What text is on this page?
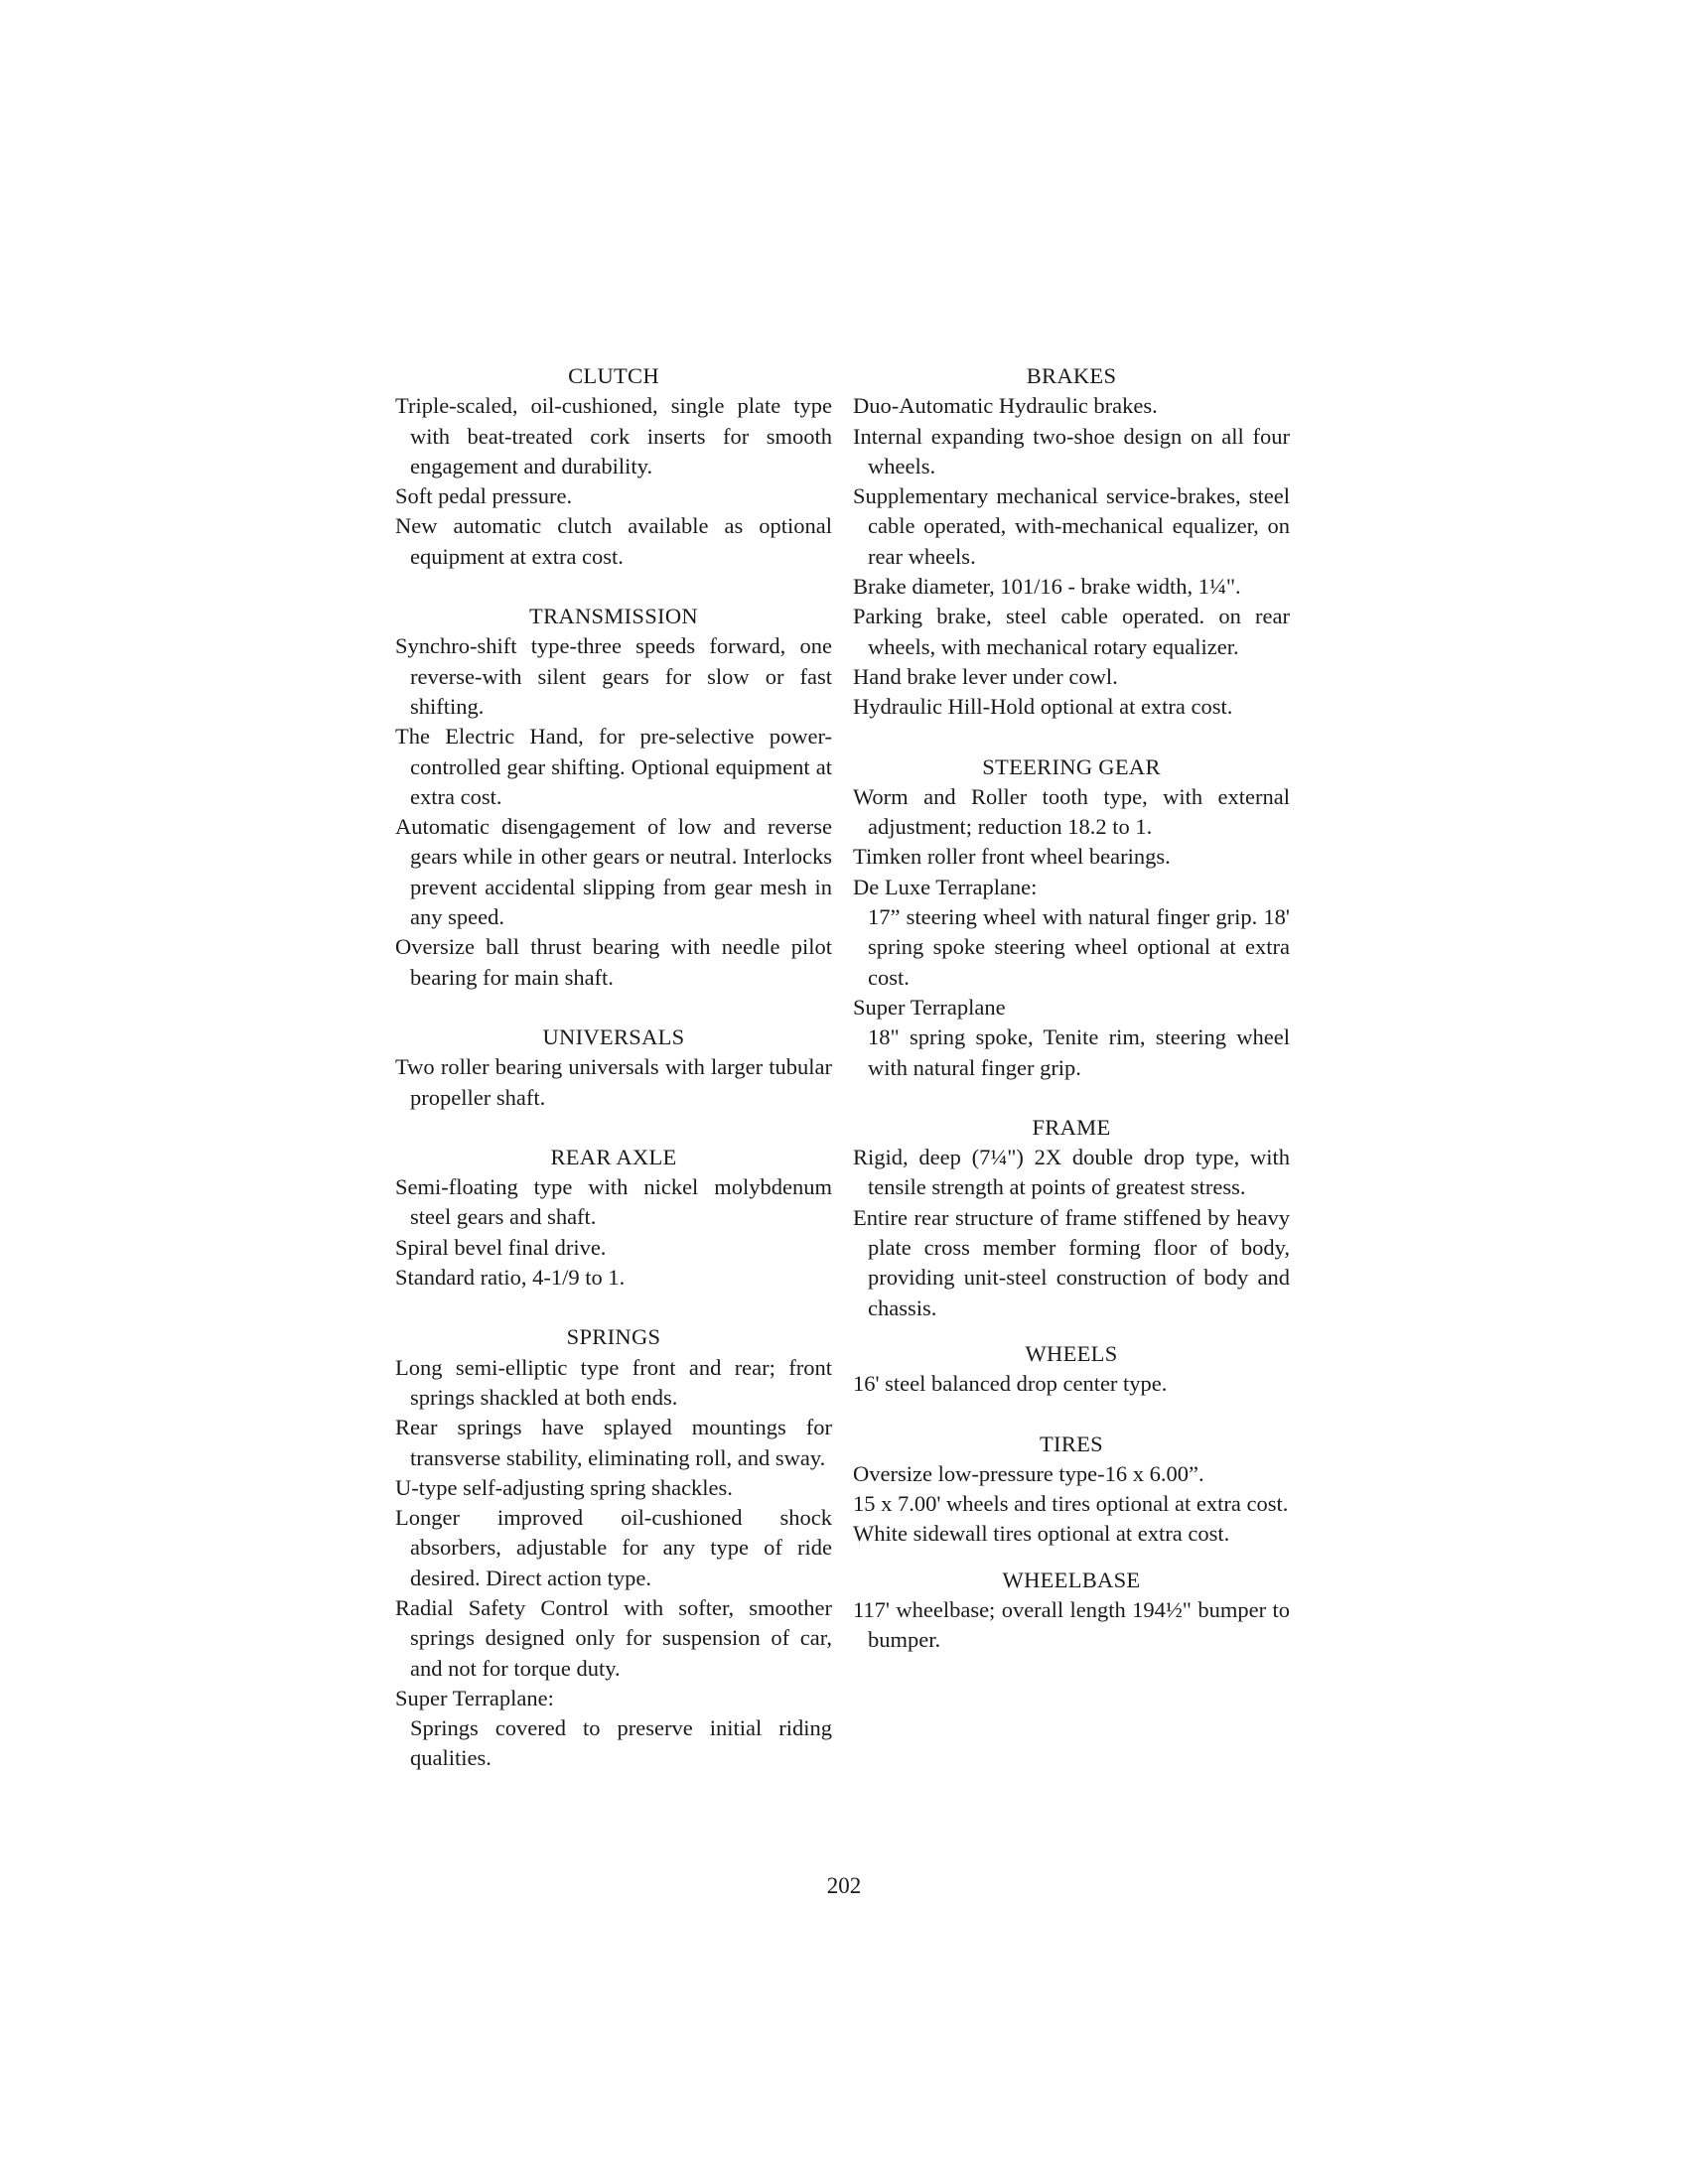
CLUTCH

Triple-scaled, oil-cushioned, single plate type with beat-treated cork inserts for smooth engagement and durability.

Soft pedal pressure.

New automatic clutch available as optional equipment at extra cost.

TRANSMISSION

Synchro-shift type-three speeds forward, one reverse-with silent gears for slow or fast shifting.

The Electric Hand, for pre-selective power-controlled gear shifting. Optional equipment at extra cost.

Automatic disengagement of low and reverse gears while in other gears or neutral. Interlocks prevent accidental slipping from gear mesh in any speed.

Oversize ball thrust bearing with needle pilot bearing for main shaft.

UNIVERSALS

Two roller bearing universals with larger tubular propeller shaft.

REAR AXLE

Semi-floating type with nickel molybdenum steel gears and shaft.

Spiral bevel final drive.

Standard ratio, 4-1/9 to 1.

SPRINGS

Long semi-elliptic type front and rear; front springs shackled at both ends.

Rear springs have splayed mountings for transverse stability, eliminating roll, and sway.

U-type self-adjusting spring shackles.

Longer improved oil-cushioned shock absorbers, adjustable for any type of ride desired. Direct action type.

Radial Safety Control with softer, smoother springs designed only for suspension of car, and not for torque duty.

Super Terraplane:

Springs covered to preserve initial riding qualities.

BRAKES

Duo-Automatic Hydraulic brakes.

Internal expanding two-shoe design on all four wheels.

Supplementary mechanical service-brakes, steel cable operated, with-mechanical equalizer, on rear wheels.

Brake diameter, 101/16 - brake width, 1¼".

Parking brake, steel cable operated. on rear wheels, with mechanical rotary equalizer.

Hand brake lever under cowl.

Hydraulic Hill-Hold optional at extra cost.

STEERING GEAR

Worm and Roller tooth type, with external adjustment; reduction 18.2 to 1.

Timken roller front wheel bearings.

De Luxe Terraplane:

17” steering wheel with natural finger grip. 18' spring spoke steering wheel optional at extra cost.

Super Terraplane

18" spring spoke, Tenite rim, steering wheel with natural finger grip.

FRAME

Rigid, deep (7¼") 2X double drop type, with tensile strength at points of greatest stress.

Entire rear structure of frame stiffened by heavy plate cross member forming floor of body, providing unit-steel construction of body and chassis.

WHEELS

16' steel balanced drop center type.

TIRES

Oversize low-pressure type-16 x 6.00”.

15 x 7.00' wheels and tires optional at extra cost.

White sidewall tires optional at extra cost.

WHEELBASE

117' wheelbase; overall length 194½" bumper to bumper.

202
